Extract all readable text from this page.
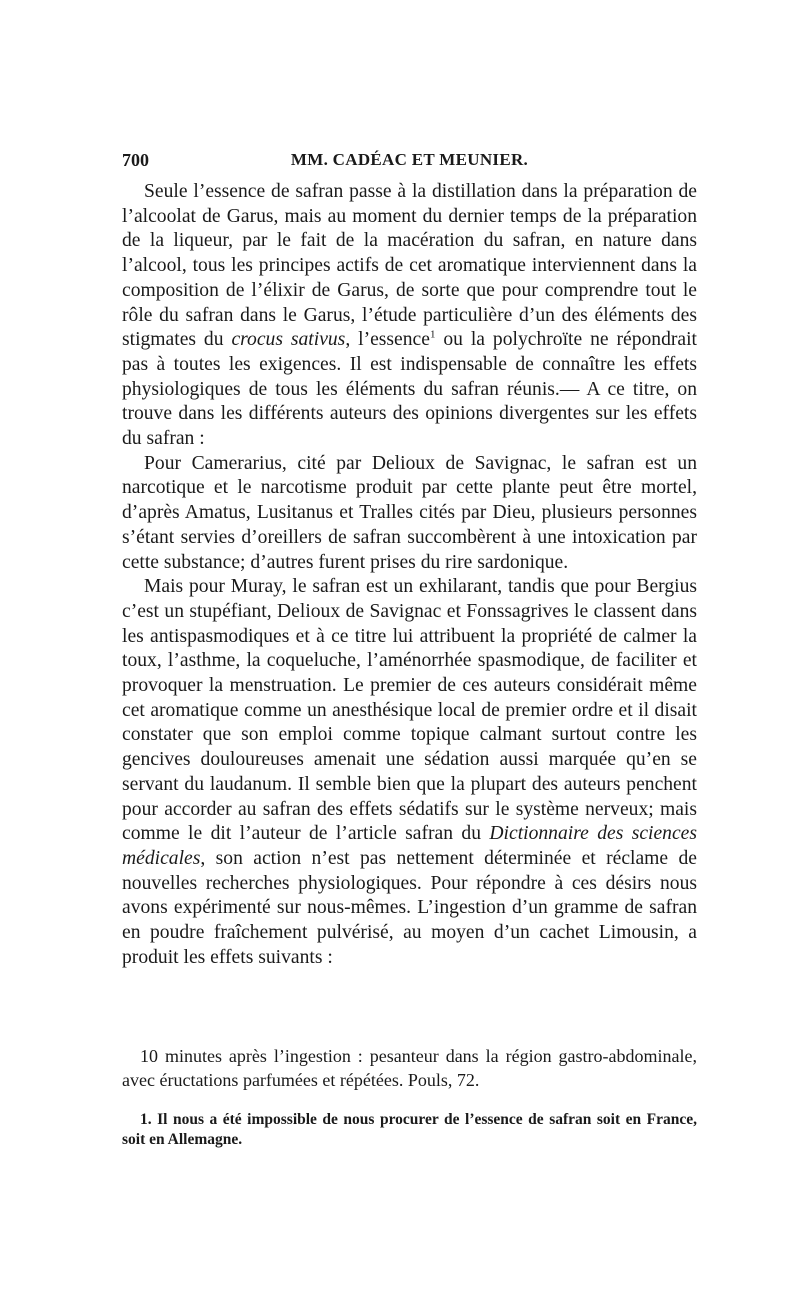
700	MM. CADÉAC ET MEUNIER.

Seule l’essence de safran passe à la distillation dans la préparation de l’alcoolat de Garus, mais au moment du dernier temps de la préparation de la liqueur, par le fait de la macération du safran, en nature dans l’alcool, tous les principes actifs de cet aromatique interviennent dans la composition de l’élixir de Garus, de sorte que pour comprendre tout le rôle du safran dans le Garus, l’étude particulière d’un des éléments des stigmates du crocus sativus, l’essence$^1$ ou la polychroïte ne répondrait pas à toutes les exigences. Il est indispensable de connaître les effets physiologiques de tous les éléments du safran réunis.— A ce titre, on trouve dans les différents auteurs des opinions divergentes sur les effets du safran :

Pour Camerarius, cité par Delioux de Savignac, le safran est un narcotique et le narcotisme produit par cette plante peut être mortel, d’après Amatus, Lusitanus et Tralles cités par Dieu, plusieurs personnes s’étant servies d’oreillers de safran succombèrent à une intoxication par cette substance; d’autres furent prises du rire sardonique.

Mais pour Muray, le safran est un exhilarant, tandis que pour Bergius c’est un stupéfiant, Delioux de Savignac et Fonssagrives le classent dans les antispasmodiques et à ce titre lui attribuent la propriété de calmer la toux, l’asthme, la coqueluche, l’aménorrhée spasmodique, de faciliter et provoquer la menstruation. Le premier de ces auteurs considérait même cet aromatique comme un anesthésique local de premier ordre et il disait constater que son emploi comme topique calmant surtout contre les gencives douloureuses amenait une sédation aussi marquée qu’en se servant du laudanum. Il semble bien que la plupart des auteurs penchent pour accorder au safran des effets sédatifs sur le système nerveux; mais comme le dit l’auteur de l’article safran du Dictionnaire des sciences médicales, son action n’est pas nettement déterminée et réclame de nouvelles recherches physiologiques. Pour répondre à ces désirs nous avons expérimenté sur nous-mêmes. L’ingestion d’un gramme de safran en poudre fraîchement pulvérisé, au moyen d’un cachet Limousin, a produit les effets suivants :

10 minutes après l’ingestion : pesanteur dans la région gastro-abdominale, avec éructations parfumées et répétées. Pouls, 72.

1. Il nous a été impossible de nous procurer de l’essence de safran soit en France, soit en Allemagne.
